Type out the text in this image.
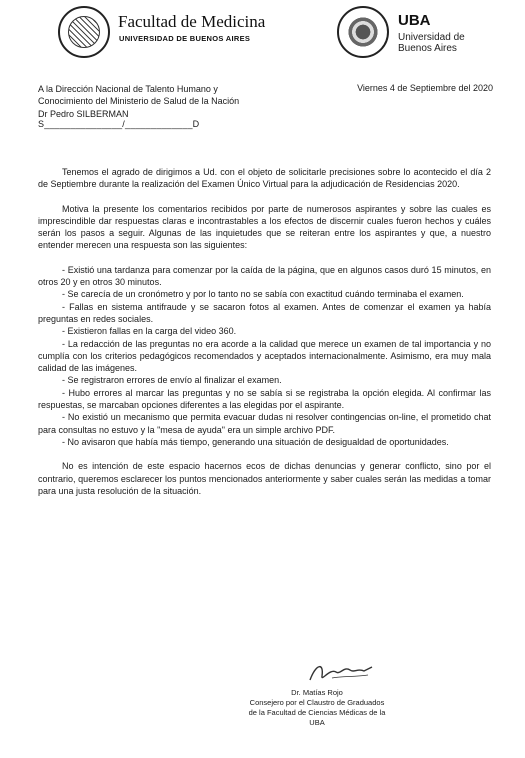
Facultad de Medicina
UNIVERSIDAD DE BUENOS AIRES
UBA
Universidad de Buenos Aires
A la Dirección Nacional de Talento Humano y
Conocimiento del Ministerio de Salud de la Nación
Dr Pedro SILBERMAN
S_______________/_____________D
Viernes 4 de Septiembre del 2020

Tenemos el agrado de dirigimos a Ud. con el objeto de solicitarle precisiones sobre lo acontecido el día 2 de Septiembre durante la realización del Examen Único Virtual para la adjudicación de Residencias 2020.

Motiva la presente los comentarios recibidos por parte de numerosos aspirantes y sobre las cuales es imprescindible dar respuestas claras e incontrastables a los efectos de discernir cuales fueron hechos y cuáles serán los pasos a seguir. Algunas de las inquietudes que se reiteran entre los aspirantes y que, a nuestro entender merecen una respuesta son las siguientes:

- Existió una tardanza para comenzar por la caída de la página, que en algunos casos duró 15 minutos, en otros 20 y en otros 30 minutos.

- Se carecía de un cronómetro y por lo tanto no se sabía con exactitud cuándo terminaba el examen.

- Fallas en sistema antifraude y se sacaron fotos al examen. Antes de comenzar el examen ya había preguntas en redes sociales.

- Existieron fallas en la carga del video 360.

- La redacción de las preguntas no era acorde a la calidad que merece un examen de tal importancia y no cumplía con los criterios pedagógicos recomendados y aceptados internacionalmente. Asimismo, era muy mala calidad de las imágenes.

- Se registraron errores de envío al finalizar el examen.

- Hubo errores al marcar las preguntas y no se sabía si se registraba la opción elegida. Al confirmar las respuestas, se marcaban opciones diferentes a las elegidas por el aspirante.

- No existió un mecanismo que permita evacuar dudas ni resolver contingencias on-line, el prometido chat para consultas no estuvo y la "mesa de ayuda" era un simple archivo PDF.

- No avisaron que había más tiempo, generando una situación de desigualdad de oportunidades.

No es intención de este espacio hacernos ecos de dichas denuncias y generar conflicto, sino por el contrario, queremos esclarecer los puntos mencionados anteriormente y saber cuales serán las medidas a tomar para una justa resolución de la situación.

Dr. Matías Rojo
Consejero por el Claustro de Graduados
de la Facultad de Ciencias Médicas de la
UBA
